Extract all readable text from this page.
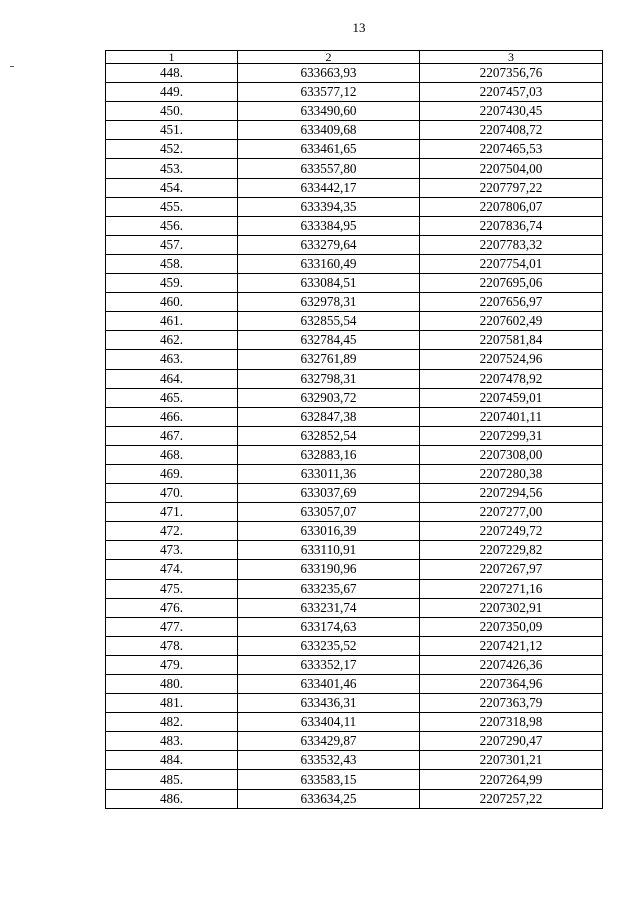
13
1	2	3
448.	633663,93	2207356,76
449.	633577,12	2207457,03
450.	633490,60	2207430,45
451.	633409,68	2207408,72
452.	633461,65	2207465,53
453.	633557,80	2207504,00
454.	633442,17	2207797,22
455.	633394,35	2207806,07
456.	633384,95	2207836,74
457.	633279,64	2207783,32
458.	633160,49	2207754,01
459.	633084,51	2207695,06
460.	632978,31	2207656,97
461.	632855,54	2207602,49
462.	632784,45	2207581,84
463.	632761,89	2207524,96
464.	632798,31	2207478,92
465.	632903,72	2207459,01
466.	632847,38	2207401,11
467.	632852,54	2207299,31
468.	632883,16	2207308,00
469.	633011,36	2207280,38
470.	633037,69	2207294,56
471.	633057,07	2207277,00
472.	633016,39	2207249,72
473.	633110,91	2207229,82
474.	633190,96	2207267,97
475.	633235,67	2207271,16
476.	633231,74	2207302,91
477.	633174,63	2207350,09
478.	633235,52	2207421,12
479.	633352,17	2207426,36
480.	633401,46	2207364,96
481.	633436,31	2207363,79
482.	633404,11	2207318,98
483.	633429,87	2207290,47
484.	633532,43	2207301,21
485.	633583,15	2207264,99
486.	633634,25	2207257,22
